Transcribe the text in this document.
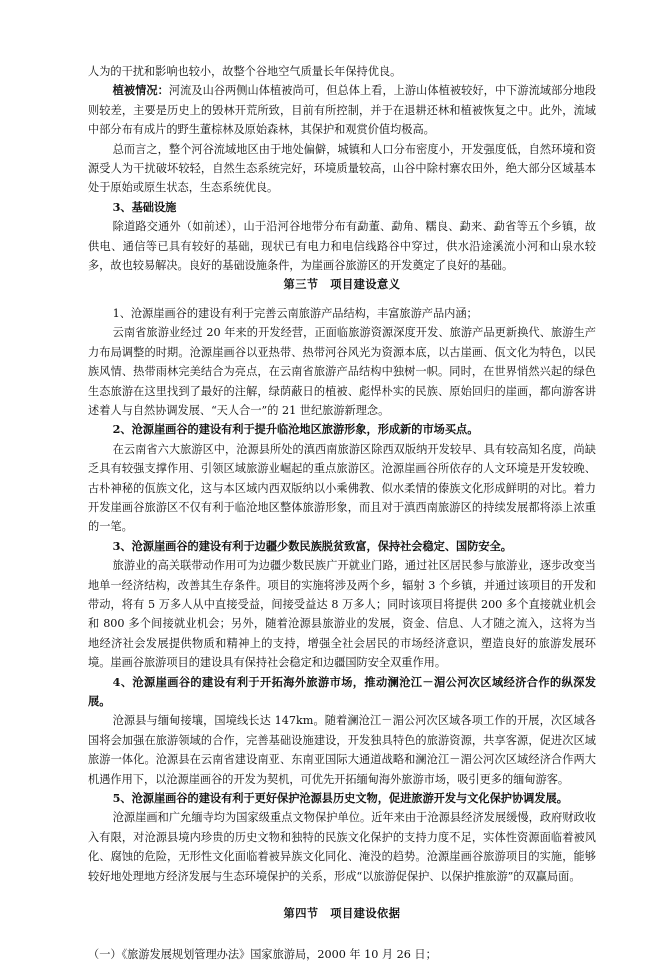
人为的干扰和影响也较小，故整个谷地空气质量长年保持优良。

植被情况：河流及山谷两侧山体植被尚可，但总体上看，上游山体植被较好，中下游流域部分地段则较差，主要是历史上的毁林开荒所致，目前有所控制，并于在退耕还林和植被恢复之中。此外，流域中部分布有成片的野生董棕林及原始森林，其保护和观赏价值均极高。

总而言之，整个河谷流域地区由于地处偏僻，城镇和人口分布密度小，开发强度低，自然环境和资源受人为干扰破坏较轻，自然生态系统完好，环境质量较高，山谷中除村寨农田外，绝大部分区域基本处于原始或原生状态，生态系统优良。

3、基础设施

除道路交通外（如前述），山于沿河谷地带分布有勐董、勐角、糯良、勐来、勐省等五个乡镇，故供电、通信等已具有较好的基础，现状已有电力和电信线路谷中穿过，供水沿途溪流小河和山泉水较多，故也较易解决。良好的基础设施条件，为崖画谷旅游区的开发奠定了良好的基础。

第三节　项目建设意义

1、沧源崖画谷的建设有利于完善云南旅游产品结构，丰富旅游产品内涵；

云南省旅游业经过 20 年来的开发经营，正面临旅游资源深度开发、旅游产品更新换代、旅游生产力布局调整的时期。沧源崖画谷以亚热带、热带河谷风光为资源本底，以古崖画、佤文化为特色，以民族风情、热带雨林完美结合为亮点，在云南省旅游产品结构中独树一帜。同时，在世界悄然兴起的绿色生态旅游在这里找到了最好的注解，绿荫蔽日的植被、彪悍朴实的民族、原始回归的崖画，都向游客讲述着人与自然协调发展、“天人合一”的 21 世纪旅游新理念。

2、沧源崖画谷的建设有利于提升临沧地区旅游形象，形成新的市场买点。

在云南省六大旅游区中，沧源县所处的滇西南旅游区除西双版纳开发较早、具有较高知名度，尚缺乏具有较强支撑作用、引领区域旅游业崛起的重点旅游区。沧源崖画谷所依存的人文环境是开发较晚、古朴神秘的佤族文化，这与本区域内西双版纳以小乘佛教、似水柔情的傣族文化形成鲜明的对比。着力开发崖画谷旅游区不仅有利于临沧地区整体旅游形象，而且对于滇西南旅游区的持续发展都将添上浓重的一笔。

3、沧源崖画谷的建设有利于边疆少数民族脱贫致富，保持社会稳定、国防安全。

旅游业的高关联带动作用可为边疆少数民族广开就业门路，通过社区居民参与旅游业，逐步改变当地单一经济结构，改善其生存条件。项目的实施将涉及两个乡，辐射 3 个乡镇，并通过该项目的开发和带动，将有 5 万多人从中直接受益，间接受益达 8 万多人；同时该项目将提供 200 多个直接就业机会和 800 多个间接就业机会；另外，随着沧源县旅游业的发展，资金、信息、人才随之流入，这将为当地经济社会发展提供物质和精神上的支持，增强全社会居民的市场经济意识，塑造良好的旅游发展环境。崖画谷旅游项目的建设具有保持社会稳定和边疆国防安全双重作用。

4、沧源崖画谷的建设有利于开拓海外旅游市场，推动澜沧江－湄公河次区域经济合作的纵深发展。

沧源县与缅甸接壤，国境线长达 147km。随着澜沧江－湄公河次区域各项工作的开展，次区域各国将会加强在旅游领域的合作，完善基础设施建设，开发独具特色的旅游资源，共享客源，促进次区域旅游一体化。沧源县在云南省建设南亚、东南亚国际大通道战略和澜沧江－湄公河次区域经济合作两大机遇作用下，以沧源崖画谷的开发为契机，可优先开拓缅甸海外旅游市场，吸引更多的缅甸游客。

5、沧源崖画谷的建设有利于更好保护沧源县历史文物，促进旅游开发与文化保护协调发展。

沧源崖画和广允缅寺均为国家级重点文物保护单位。近年来由于沧源县经济发展缓慢，政府财政收入有限，对沧源县境内珍贵的历史文物和独特的民族文化保护的支持力度不足，实体性资源面临着被风化、腐蚀的危险，无形性文化面临着被异族文化同化、淹没的趋势。沧源崖画谷旅游项目的实施，能够较好地处理地方经济发展与生态环境保护的关系，形成“以旅游促保护、以保护推旅游”的双赢局面。

第四节　项目建设依据

（一）《旅游发展规划管理办法》国家旅游局，2000 年 10 月 26 日；
